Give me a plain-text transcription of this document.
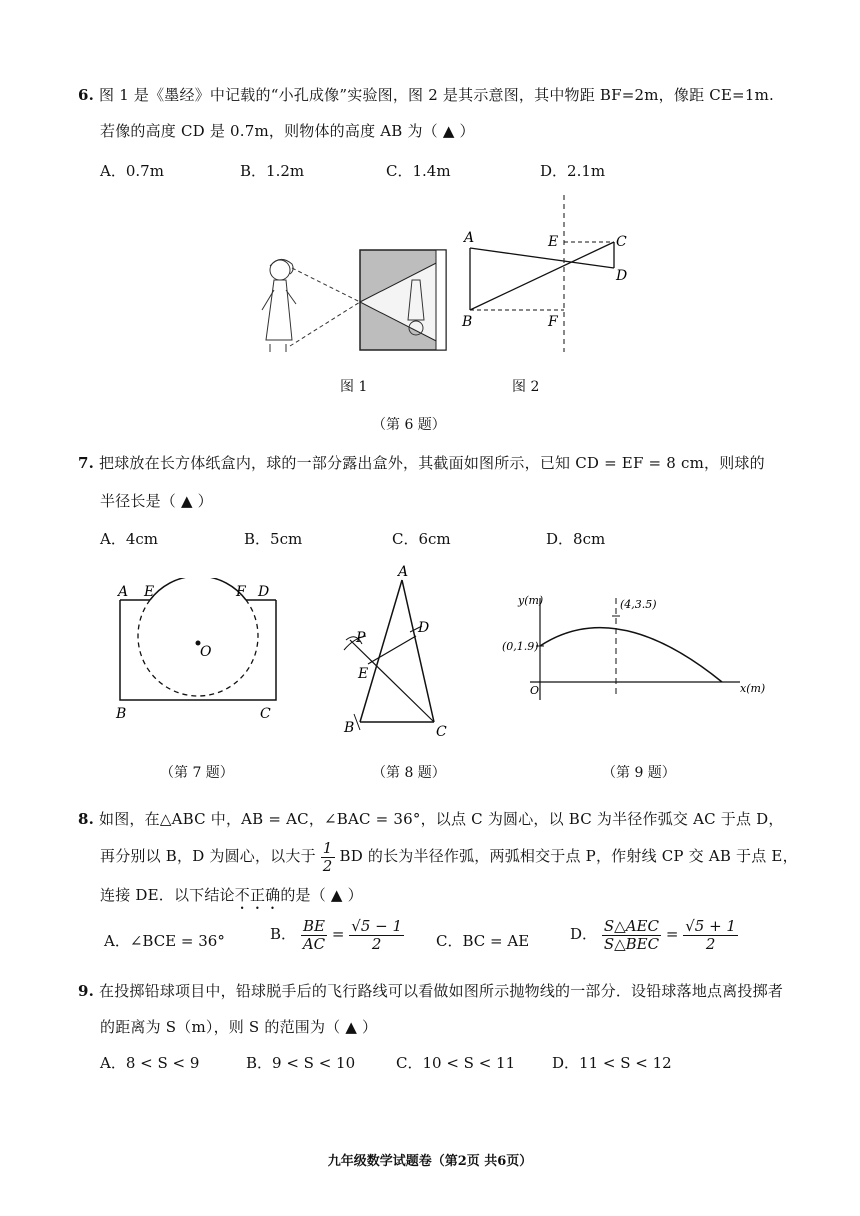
6. 图 1 是《墨经》中记载的“小孔成像”实验图，图 2 是其示意图，其中物距 BF=2m，像距 CE=1m.
若像的高度 CD 是 0.7m，则物体的高度 AB 为（ ▲ ）
A．0.7m	B．1.2m	C．1.4m	D．2.1m
图 1
A
B
C
D
E
F
图 2
（第 6 题）
7. 把球放在长方体纸盒内，球的一部分露出盒外，其截面如图所示，已知 CD = EF = 8 cm，则球的
半径长是（ ▲ ）
A．4cm	B．5cm	C．6cm	D．8cm
A E	F D
O
B	C
（第 7 题）
A
D
P
E
B	C
（第 8 题）
y(m)
x(m)
O
(4,3.5)
(0,1.9)
（第 9 题）
8. 如图，在△ABC 中，AB = AC，∠BAC = 36°，以点 C 为圆心，以 BC 为半径作弧交 AC 于点 D，
再分别以 B，D 为圆心，以大于 $\frac{1}{2}$ BD 的长为半径作弧，两弧相交于点 P，作射线 CP 交 AB 于点 E，
连接 DE．以下结论不正确的是（ ▲ ）
A．∠BCE = 36°	B． $\frac{BE}{AC} = \frac{√5 - 1}{2}$ C．BC = AE	D． $\frac{\text{S△AEC}}{\text{S△BEC}} = \frac{√5 + 1}{2}$
9. 在投掷铅球项目中，铅球脱手后的飞行路线可以看做如图所示抛物线的一部分．设铅球落地点离投掷者
的距离为 S（m），则 S 的范围为（ ▲ ）
A．8 < S < 9	B．9 < S < 10	C．10 < S < 11 D．11 < S < 12
九年级数学试题卷（第2页 共6页）
